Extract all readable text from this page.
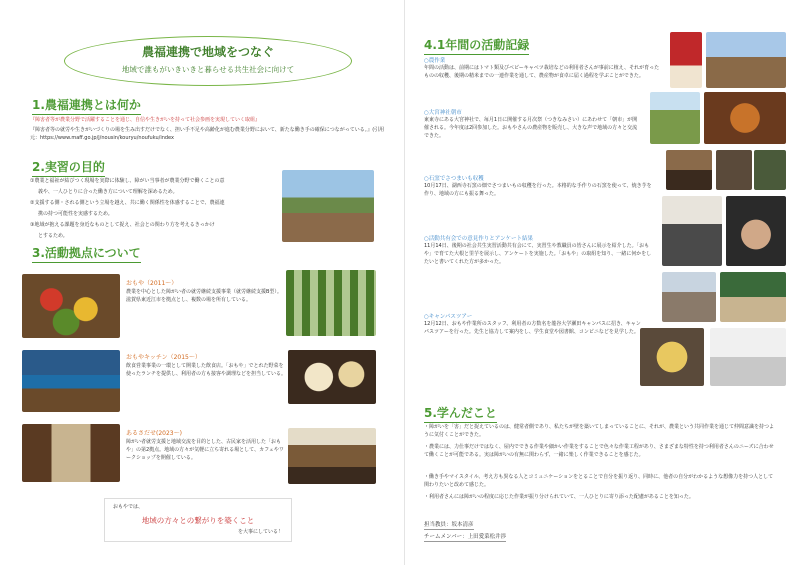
農福連携で地域をつなぐ
地域で誰もがいきいきと暮らせる共生社会に向けて
1.農福連携とは何か
『障害者等が農業分野で活躍することを通じ、自信や生きがいを持って社会参画を実現していく取組』
『障害者等の就労や生きがいづくりの場を生み出すだけでなく、担い手不足や高齢化が進む農業分野において、新たな働き手の確保につながっている。』(引用元：https://www.maff.go.jp/j/nousin/kouryu/noufuku/index
2.実習の目的
①農業と福祉が結びつく現場を実際に体験し、障がい当事者が農業分野で働くことの意
義や、一人ひとりに合った働き方について理解を深めるため。
②支援する側・される側という立場を越え、共に働く関係性を体感することで、農福連
携の持つ可能性を実感するため。
③地域が抱える課題を身近なものとして捉え、社会との関わり方を考えるきっかけ
とするため。
3.活動拠点について
おもや（2011〜）
農業を中心とした障がい者の就労継続支援事業（就労継続支援B型）。滋賀県東近江市を拠点とし、複数の場を所有している。
おもやキッチン（2015〜）
飲食営業事業の一環として開業した飲食店。「おもや」でとれた野菜を使ったランチを提供し、利用者の方も接客や調理などを担当している。
あるさだせ(2023〜)
障がい者就労支援と地域交流を目的とした、古民家を活用した「おもや」の第2拠点。地域の方々が気軽に立ち寄れる場として、カフェやワークショップを開催している。
おもやでは、
地域の方々との繋がりを築くこと
を大事にしている！
4.1年間の活動記録
○農作業
年間の活動は、前期にはトマト類及びベビーキャベツ栽培などの利用者さんが事前に植え、それが育ったものの収穫、後期の精米までの一連作業を通して、農産物が食卓に届く過程を学ぶことができた。
○大宮神社朝市
東東寺にある大宮神社で、毎月1日に開催する月次祭（つきなみさい）にあわせて「朝市」が開催される。今年度は2回参加した。おもやさんの農産物を販売し、大きな声で地域の方々と交流できた。
○石窯でさつまいも収穫
10月17日、湖西寺石窯の畑でさつまいもの収穫を行った。本格的な手作りの石窯を使って、焼き芋を作り、地域の方にも振る舞った。
○活動共有会での意見作りとアンケート結果
11月14日、後期の社会共生実習活動共有会にて、実習生や教職員の皆さんに展示を紹介した。「おもや」で育てた大根と里芋を展示し、アンケートを実施した。「おもや」の取組を知り、一緒に何かをしたいと書いてくれた方が多かった。
○キャンパスツアー
12月12日、おもや作業所のスタッフ、利用者の方数名を龍谷大学瀬田キャンパスに招き、キャンパスツアーを行った。先生と協力して案内をし、学生食堂や図書館、コンビニなどを見学した。
5.学んだこと
・障がいを「害」だと捉えているのは、健常者側であり、私たちが壁を築いてしまっていることに、それが、農業という共同作業を通じて仲間意識を持つように気付くことができた。
・農業には、力仕事だけではなく、屋内でできる作業や細かい作業をすることで色々な作業工程があり、さまざまな特性を持つ利用者さんのニーズに合わせて働くことが可能である。実は障がいの有無に関わらず、一緒に楽しく作業できることを感じた。
・働き手やマイスタイル、考え方も異なる人とコミュニケーションをとることで自分を振り返り、同時に、他者の自分がわかるような想像力を持つ人として関わりたいと改めて感じた。
・利用者さんには障がいの程度に応じた作業が振り分けられていて、一人ひとりに寄り添った配慮があることを知った。
担当教員：坂本清彦
チームメンバー：上田愛菜松井渉
